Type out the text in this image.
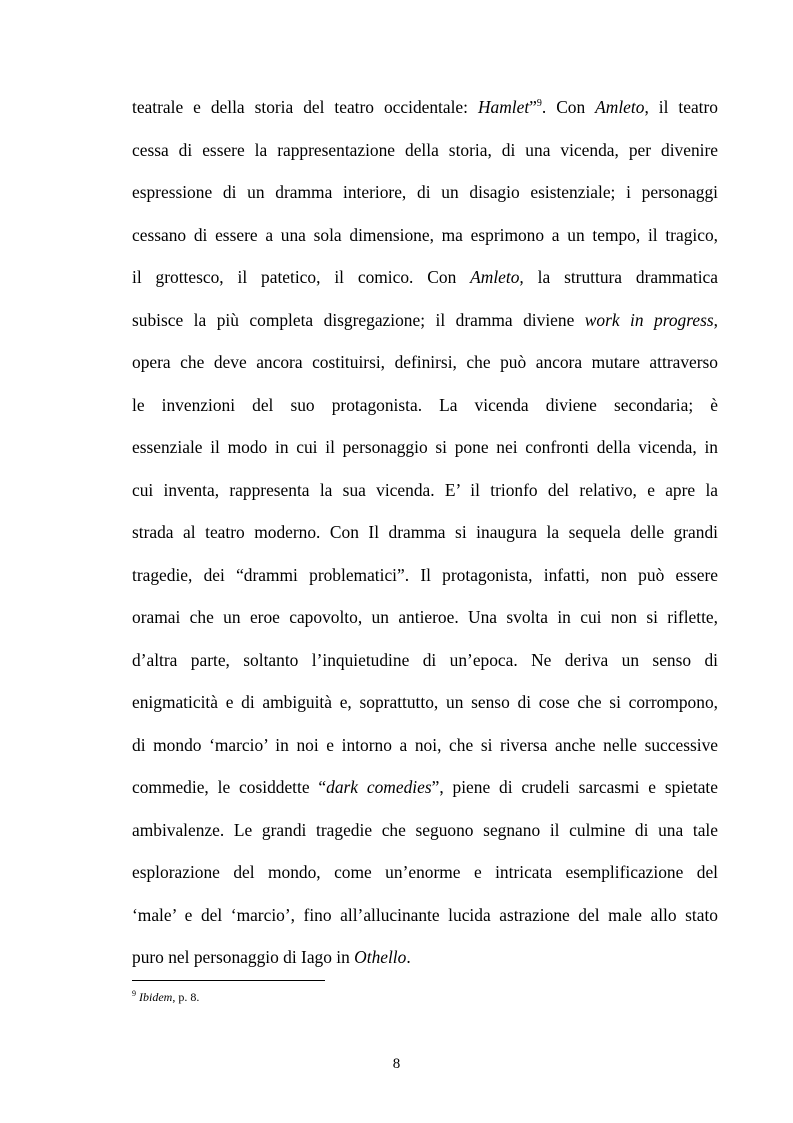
teatrale e della storia del teatro occidentale: Hamlet”$^9$. Con Amleto, il teatro
cessa di essere la rappresentazione della storia, di una vicenda, per divenire
espressione di un dramma interiore, di un disagio esistenziale; i personaggi
cessano di essere a una sola dimensione, ma esprimono a un tempo, il tragico,
il grottesco, il patetico, il comico. Con Amleto, la struttura drammatica
subisce la più completa disgregazione; il dramma diviene work in progress,
opera che deve ancora costituirsi, definirsi, che può ancora mutare attraverso
le invenzioni del suo protagonista. La vicenda diviene secondaria; è
essenziale il modo in cui il personaggio si pone nei confronti della vicenda, in
cui inventa, rappresenta la sua vicenda. E’ il trionfo del relativo, e apre la
strada al teatro moderno. Con Il dramma si inaugura la sequela delle grandi
tragedie, dei “drammi problematici”. Il protagonista, infatti, non può essere
oramai che un eroe capovolto, un antieroe. Una svolta in cui non si riflette,
d’altra parte, soltanto l’inquietudine di un’epoca. Ne deriva un senso di
enigmaticità e di ambiguità e, soprattutto, un senso di cose che si corrompono,
di mondo ‘marcio’ in noi e intorno a noi, che si riversa anche nelle successive
commedie, le cosiddette “dark comedies”, piene di crudeli sarcasmi e spietate
ambivalenze. Le grandi tragedie che seguono segnano il culmine di una tale
esplorazione del mondo, come un’enorme e intricata esemplificazione del
‘male’ e del ‘marcio’, fino all’allucinante lucida astrazione del male allo stato
puro nel personaggio di Iago in Othello.
$^9$ Ibidem, p. 8.
8
